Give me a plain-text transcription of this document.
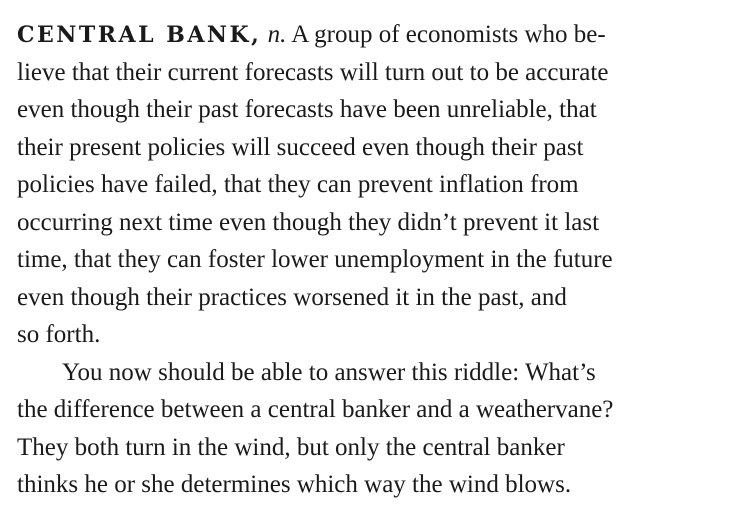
CENTRAL BANK, n. A group of economists who be-
lieve that their current forecasts will turn out to be accurate
even though their past forecasts have been unreliable, that
their present policies will succeed even though their past
policies have failed, that they can prevent inflation from
occurring next time even though they didn’t prevent it last
time, that they can foster lower unemployment in the future
even though their practices worsened it in the past, and
so forth.
You now should be able to answer this riddle: What’s
the difference between a central banker and a weathervane?
They both turn in the wind, but only the central banker
thinks he or she determines which way the wind blows.
